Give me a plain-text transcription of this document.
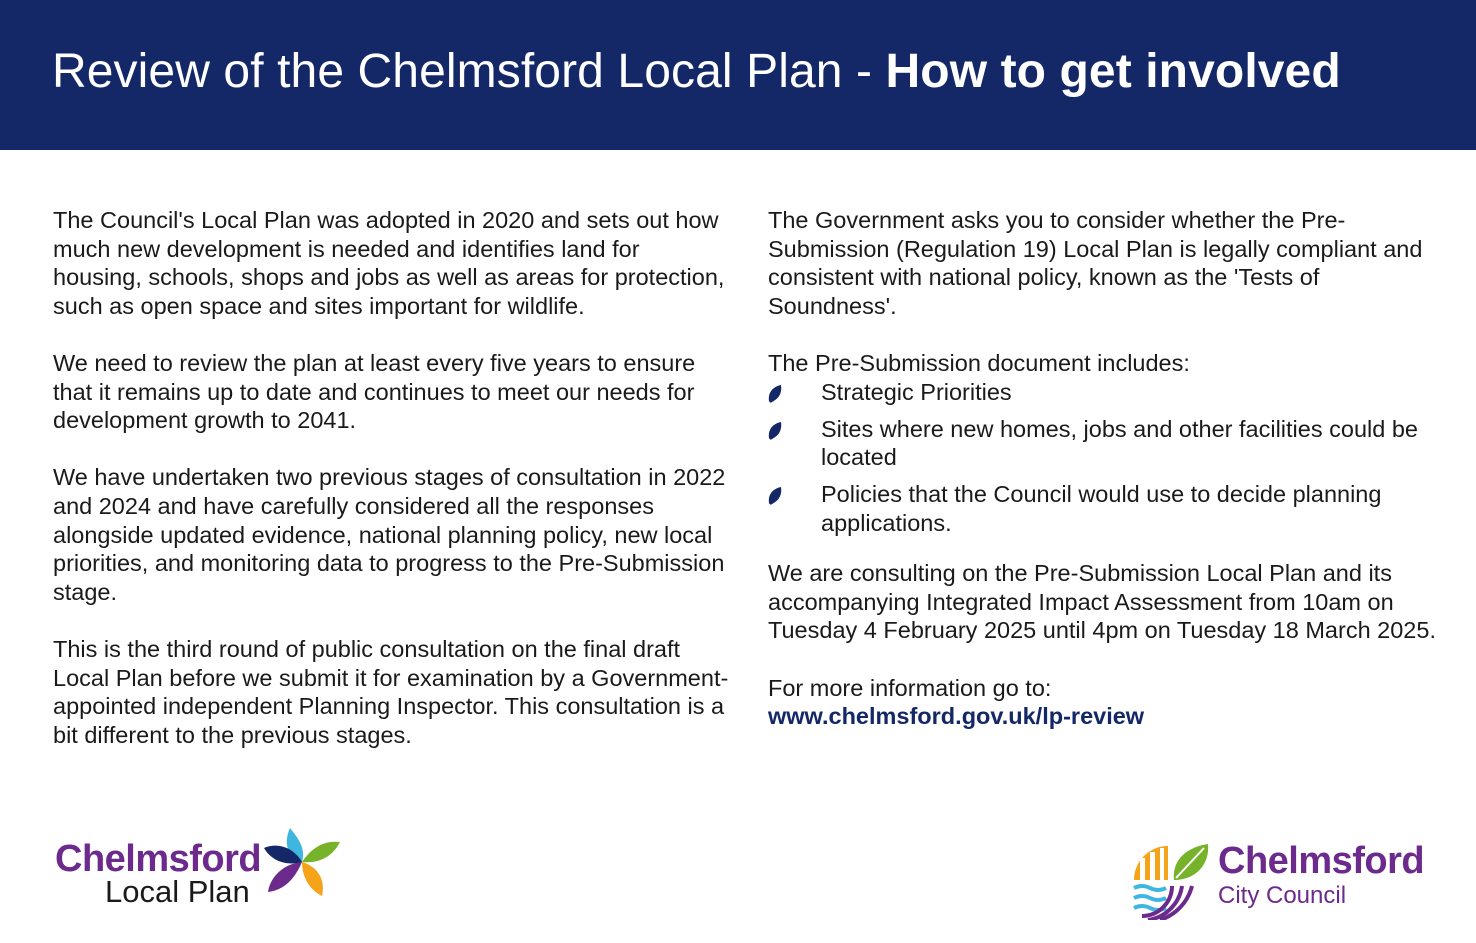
Review of the Chelmsford Local Plan - How to get involved

The Council's Local Plan was adopted in 2020 and sets out how much new development is needed and identifies land for housing, schools, shops and jobs as well as areas for protection, such as open space and sites important for wildlife.

We need to review the plan at least every five years to ensure that it remains up to date and continues to meet our needs for development growth to 2041.

We have undertaken two previous stages of consultation in 2022 and 2024 and have carefully considered all the responses alongside updated evidence, national planning policy, new local priorities, and monitoring data to progress to the Pre-Submission stage.

This is the third round of public consultation on the final draft Local Plan before we submit it for examination by a Government-appointed independent Planning Inspector. This consultation is a bit different to the previous stages.

The Government asks you to consider whether the Pre-Submission (Regulation 19) Local Plan is legally compliant and consistent with national policy, known as the 'Tests of Soundness'.

The Pre-Submission document includes:

Strategic Priorities
Sites where new homes, jobs and other facilities could be located
Policies that the Council would use to decide planning applications.

We are consulting on the Pre-Submission Local Plan and its accompanying Integrated Impact Assessment from 10am on Tuesday 4 February 2025 until 4pm on Tuesday 18 March 2025.

For more information go to:
www.chelmsford.gov.uk/lp-review

Chelmsford
Local Plan
Chelmsford
City Council
